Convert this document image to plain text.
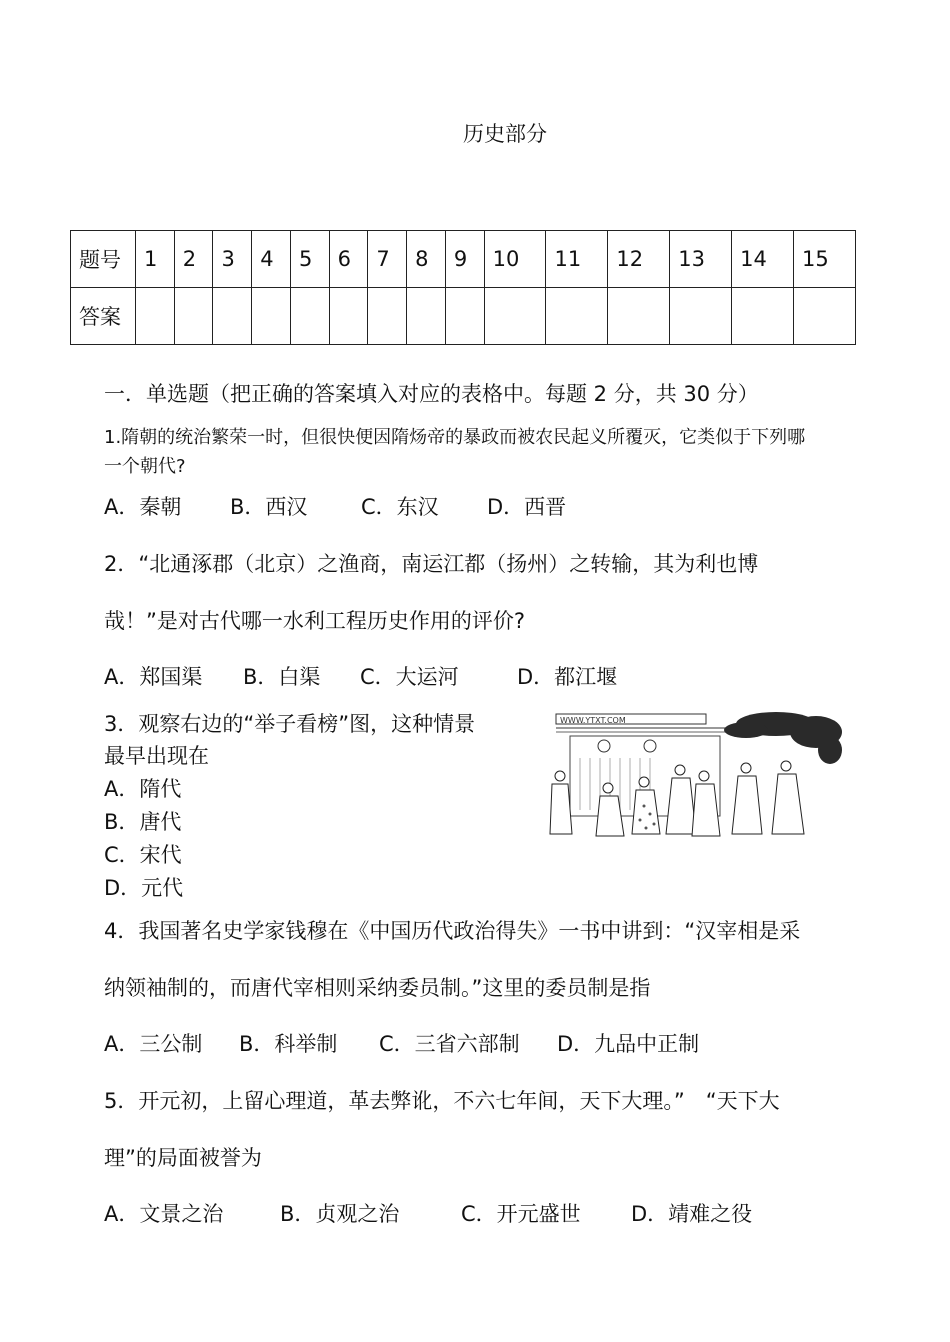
历史部分
题号	1	2	3	4	5	6	7	8	9	10	11	12	13	14	15
答案															
一．单选题（把正确的答案填入对应的表格中。每题 2 分，共 30 分）
1.隋朝的统治繁荣一时，但很快便因隋炀帝的暴政而被农民起义所覆灭，它类似于下列哪
一个朝代?
A．秦朝 B．西汉	C．东汉 D．西晋
2．“北通涿郡（北京）之渔商，南运江都（扬州）之转输，其为利也博
哉！”是对古代哪一水利工程历史作用的评价?
A．郑国渠 B．白渠 C．大运河	D．都江堰
3．观察右边的“举子看榜”图，这种情景
最早出现在
A．隋代
B．唐代
C．宋代
D．元代
WWW.YTXT.COM
4．我国著名史学家钱穆在《中国历代政治得失》一书中讲到：“汉宰相是采
纳领袖制的，而唐代宰相则采纳委员制。”这里的委员制是指
A．三公制 B．科举制 C．三省六部制 D．九品中正制
5．开元初，上留心理道，革去弊讹，不六七年间，天下大理。”　“天下大
理”的局面被誉为
A．文景之治	B．贞观之治	C．开元盛世 D．靖难之役
